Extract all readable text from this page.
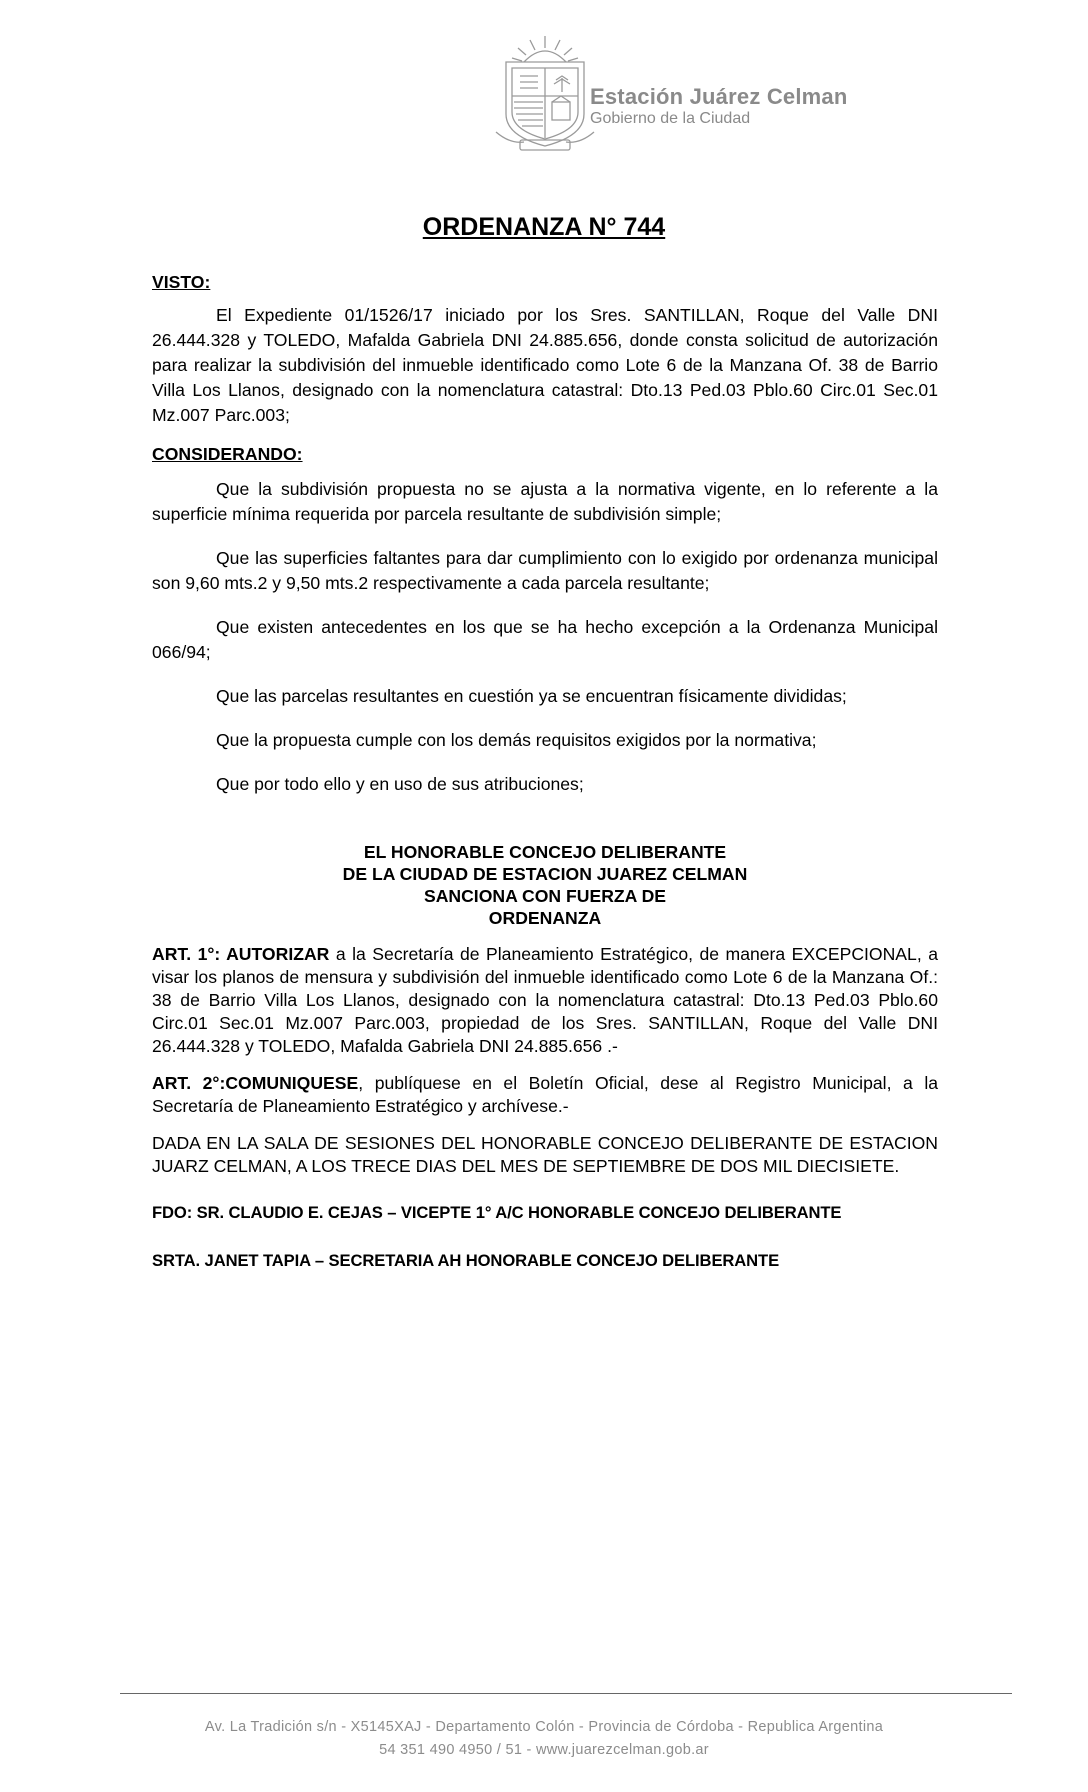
Estación Juárez Celman
Gobierno de la Ciudad
ORDENANZA N° 744
VISTO:
El Expediente 01/1526/17 iniciado por los Sres. SANTILLAN, Roque del Valle DNI 26.444.328 y TOLEDO, Mafalda Gabriela DNI 24.885.656, donde consta solicitud de autorización para realizar la subdivisión del inmueble identificado como Lote 6 de la Manzana Of. 38 de Barrio Villa Los Llanos, designado con la nomenclatura catastral: Dto.13 Ped.03 Pblo.60 Circ.01 Sec.01 Mz.007 Parc.003;
CONSIDERANDO:
Que la subdivisión propuesta no se ajusta a la normativa vigente, en lo referente a la superficie mínima requerida por parcela resultante de subdivisión simple;
Que las superficies faltantes para dar cumplimiento con lo exigido por ordenanza municipal son 9,60 mts.2 y 9,50 mts.2 respectivamente a cada parcela resultante;
Que existen antecedentes en los que se ha hecho excepción a la Ordenanza Municipal 066/94;
Que las parcelas resultantes en cuestión ya se encuentran físicamente divididas;
Que la propuesta cumple con los demás requisitos exigidos por la normativa;
Que por todo ello y en uso de sus atribuciones;
EL HONORABLE CONCEJO DELIBERANTE
DE LA CIUDAD DE ESTACION JUAREZ CELMAN
SANCIONA CON FUERZA DE
ORDENANZA
ART. 1°: AUTORIZAR a la Secretaría de Planeamiento Estratégico, de manera EXCEPCIONAL, a visar los planos de mensura y subdivisión del inmueble identificado como Lote 6 de la Manzana Of.: 38 de Barrio Villa Los Llanos, designado con la nomenclatura catastral: Dto.13 Ped.03 Pblo.60 Circ.01 Sec.01 Mz.007 Parc.003, propiedad de los Sres. SANTILLAN, Roque del Valle DNI 26.444.328 y TOLEDO, Mafalda Gabriela DNI 24.885.656 .-
ART. 2°:COMUNIQUESE, publíquese en el Boletín Oficial, dese al Registro Municipal, a la Secretaría de Planeamiento Estratégico y archívese.-
DADA EN LA SALA DE SESIONES DEL HONORABLE CONCEJO DELIBERANTE DE ESTACION JUARZ CELMAN, A LOS TRECE DIAS DEL MES DE SEPTIEMBRE DE DOS MIL DIECISIETE.
FDO: SR. CLAUDIO E. CEJAS – VICEPTE 1° A/C HONORABLE CONCEJO DELIBERANTE
SRTA. JANET TAPIA – SECRETARIA AH HONORABLE CONCEJO DELIBERANTE
Av. La Tradición s/n - X5145XAJ - Departamento Colón - Provincia de Córdoba - Republica Argentina
54 351 490 4950 / 51 - www.juarezcelman.gob.ar
